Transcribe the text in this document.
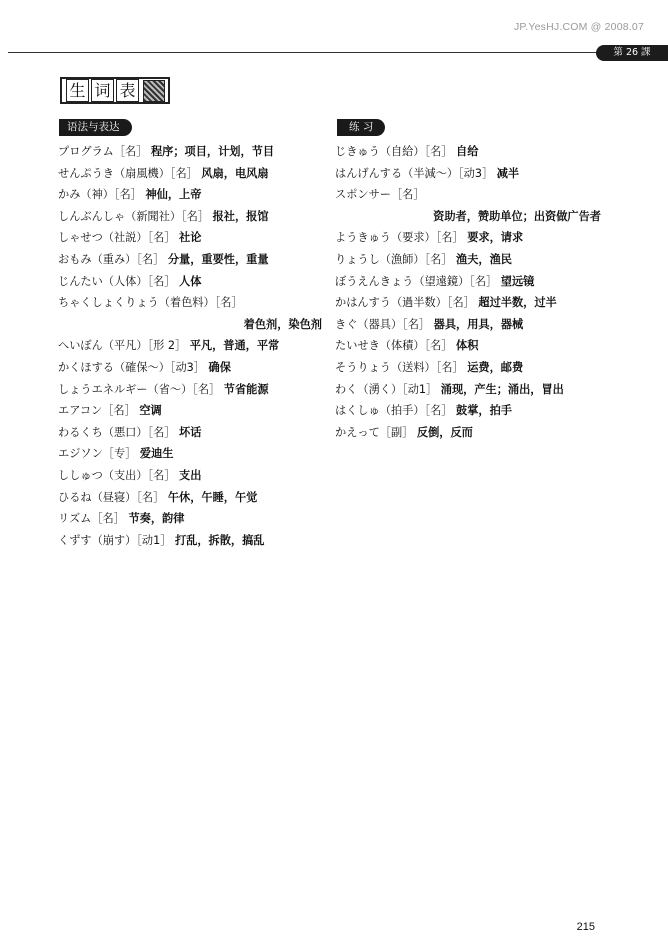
JP.YesHJ.COM @ 2008.07
第 26 課
生 词 表
语法与表达	练 习
プログラム［名］ 程序；项目，计划，节目
せんぷうき（扇風機）［名］ 风扇，电风扇
かみ（神）［名］ 神仙，上帝
しんぶんしゃ（新聞社）［名］ 报社，报馆
しゃせつ（社説）［名］ 社论
おもみ（重み）［名］ 分量，重要性，重量
じんたい（人体）［名］ 人体
ちゃくしょくりょう（着色料）［名］
着色剂，染色剂
へいぼん（平凡）［形 2］ 平凡，普通，平常
かくほする（確保～）［动3］ 确保
しょうエネルギー（省～）［名］ 节省能源
エアコン［名］ 空调
わるくち（悪口）［名］ 坏话
エジソン［专］ 爱迪生
ししゅつ（支出）［名］ 支出
ひるね（昼寝）［名］ 午休，午睡，午觉
リズム［名］ 节奏，韵律
くずす（崩す）［动1］ 打乱，拆散，搞乱
じきゅう（自給）［名］ 自给
はんげんする（半減～）［动3］ 减半
スポンサー［名］
资助者，赞助单位；出资做广告者
ようきゅう（要求）［名］ 要求，请求
りょうし（漁師）［名］ 渔夫，渔民
ぼうえんきょう（望遠鏡）［名］ 望远镜
かはんすう（過半数）［名］ 超过半数，过半
きぐ（器具）［名］ 器具，用具，器械
たいせき（体積）［名］ 体积
そうりょう（送料）［名］ 运费，邮费
わく（湧く）［动1］ 涌现，产生；涌出，冒出
はくしゅ（拍手）［名］ 鼓掌，拍手
かえって［副］ 反倒，反而
215
